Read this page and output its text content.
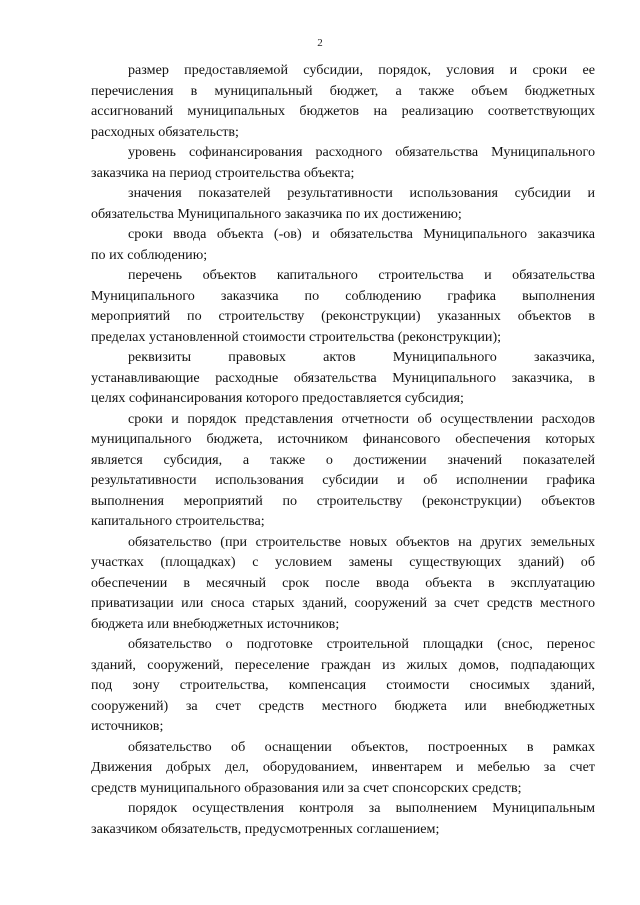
2
размер предоставляемой субсидии, порядок, условия и сроки ее
перечисления в муниципальный бюджет, а также объем бюджетных
ассигнований муниципальных бюджетов на реализацию соответствующих
расходных обязательств;
уровень софинансирования расходного обязательства Муниципального
заказчика на период строительства объекта;
значения показателей результативности использования субсидии и
обязательства Муниципального заказчика по их достижению;
сроки ввода объекта (-ов) и обязательства Муниципального заказчика
по их соблюдению;
перечень объектов капитального строительства и обязательства
Муниципального заказчика по соблюдению графика выполнения
мероприятий по строительству (реконструкции) указанных объектов в
пределах установленной стоимости строительства (реконструкции);
реквизиты правовых актов Муниципального заказчика,
устанавливающие расходные обязательства Муниципального заказчика, в
целях софинансирования которого предоставляется субсидия;
сроки и порядок представления отчетности об осуществлении расходов
муниципального бюджета, источником финансового обеспечения которых
является субсидия, а также о достижении значений показателей
результативности использования субсидии и об исполнении графика
выполнения мероприятий по строительству (реконструкции) объектов
капитального строительства;
обязательство (при строительстве новых объектов на других земельных
участках (площадках) с условием замены существующих зданий) об
обеспечении в месячный срок после ввода объекта в эксплуатацию
приватизации или сноса старых зданий, сооружений за счет средств местного
бюджета или внебюджетных источников;
обязательство о подготовке строительной площадки (снос, перенос
зданий, сооружений, переселение граждан из жилых домов, подпадающих
под зону строительства, компенсация стоимости сносимых зданий,
сооружений) за счет средств местного бюджета или внебюджетных
источников;
обязательство об оснащении объектов, построенных в рамках
Движения добрых дел, оборудованием, инвентарем и мебелью за счет
средств муниципального образования или за счет спонсорских средств;
порядок осуществления контроля за выполнением Муниципальным
заказчиком обязательств, предусмотренных соглашением;
